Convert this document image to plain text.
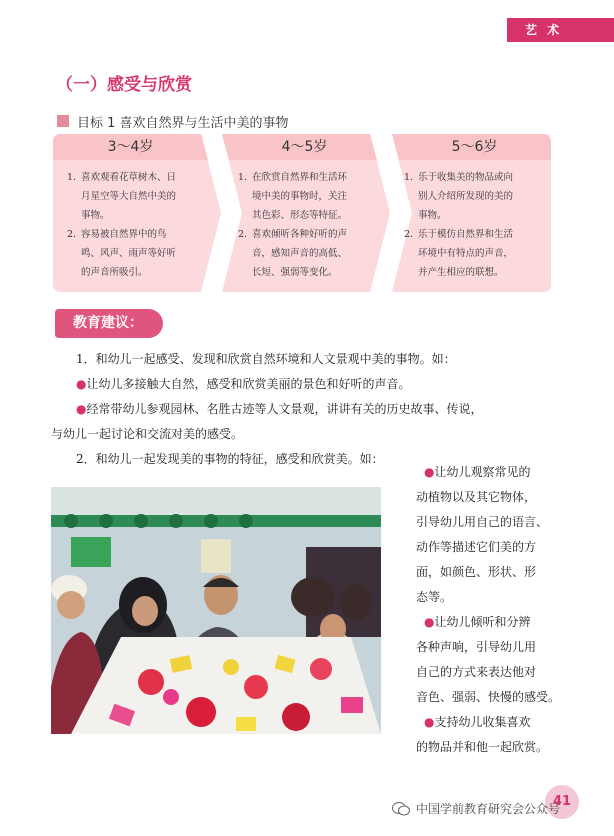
艺 术
（一）感受与欣赏
目标 1 喜欢自然界与生活中美的事物
3～4岁
1. 喜欢观看花草树木、日
月星空等大自然中美的
事物。
2. 容易被自然界中的鸟
鸣、风声、雨声等好听
的声音所吸引。
4～5岁
1. 在欣赏自然界和生活环
境中美的事物时，关注
其色彩、形态等特征。
2. 喜欢倾听各种好听的声
音，感知声音的高低、
长短、强弱等变化。
5～6岁
1. 乐于收集美的物品或向
别人介绍所发现的美的
事物。
2. 乐于模仿自然界和生活
环境中有特点的声音，
并产生相应的联想。
教育建议：
1．和幼儿一起感受、发现和欣赏自然环境和人文景观中美的事物。如：
●让幼儿多接触大自然，感受和欣赏美丽的景色和好听的声音。
●经常带幼儿参观园林、名胜古迹等人文景观，讲讲有关的历史故事、传说，
与幼儿一起讨论和交流对美的感受。
2．和幼儿一起发现美的事物的特征，感受和欣赏美。如：
●让幼儿观察常见的
动植物以及其它物体，
引导幼儿用自己的语言、
动作等描述它们美的方
面，如颜色、形状、形
态等。
●让幼儿倾听和分辨
各种声响，引导幼儿用
自己的方式来表达他对
音色、强弱、快慢的感受。
●支持幼儿收集喜欢
的物品并和他一起欣赏。
41
中国学前教育研究会公众号
